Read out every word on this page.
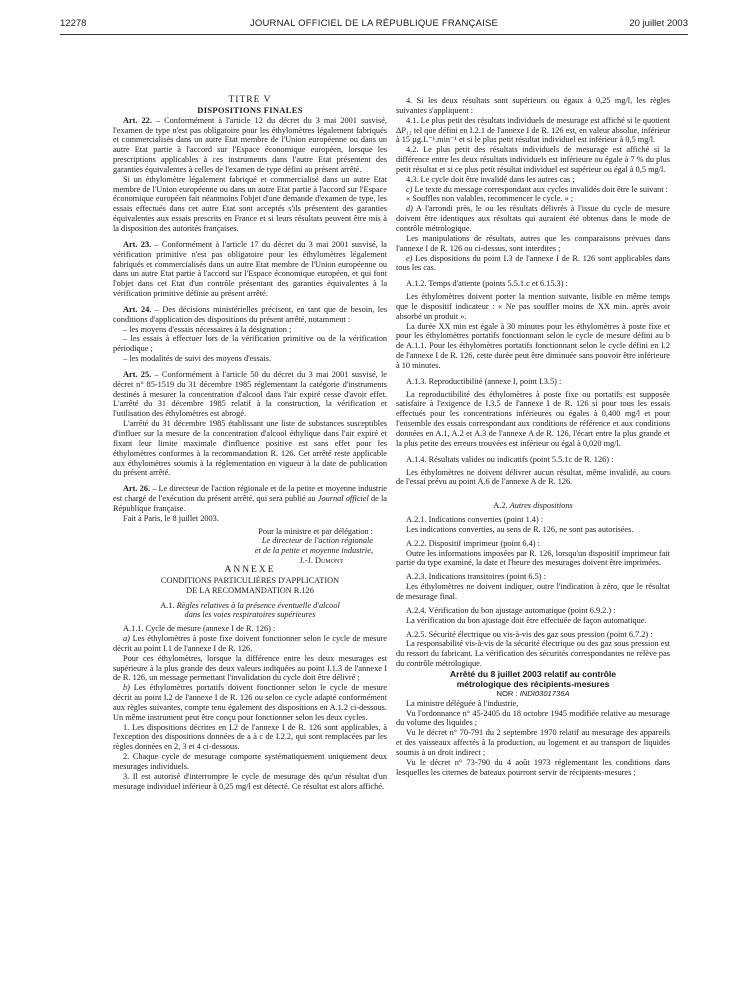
12278	JOURNAL OFFICIEL DE LA RÉPUBLIQUE FRANÇAISE	20 juillet 2003

TITRE V

DISPOSITIONS FINALES

Art. 22. – Conformément à l'article 12 du décret du 3 mai 2001 susvisé, l'examen de type n'est pas obligatoire pour les éthylomètres légalement fabriqués et commercialisés dans un autre Etat membre de l'Union européenne ou dans un autre Etat partie à l'accord sur l'Espace économique européen, lorsque les prescriptions applicables à ces instruments dans l'autre Etat présentent des garanties équivalentes à celles de l'examen de type défini au présent arrêté.

Si un éthylomètre légalement fabriqué et commercialisé dans un autre Etat membre de l'Union européenne ou dans un autre Etat partie à l'accord sur l'Espace économique européen fait néanmoins l'objet d'une demande d'examen de type, les essais effectués dans cet autre Etat sont acceptés s'ils présentent des garanties équivalentes aux essais prescrits en France et si leurs résultats peuvent être mis à la disposition des autorités françaises.

Art. 23. – Conformément à l'article 17 du décret du 3 mai 2001 susvisé, la vérification primitive n'est pas obligatoire pour les éthylomètres légalement fabriqués et commercialisés dans un autre Etat membre de l'Union européenne ou dans un autre Etat partie à l'accord sur l'Espace économique européen, et qui font l'objet dans cet Etat d'un contrôle présentant des garanties équivalentes à la vérification primitive définie au présent arrêté.

Art. 24. – Des décisions ministérielles précisent, en tant que de besoin, les conditions d'application des dispositions du présent arrêté, notamment :

– les moyens d'essais nécessaires à la désignation ;

– les essais à effectuer lors de la vérification primitive ou de la vérification périodique ;

– les modalités de suivi des moyens d'essais.

Art. 25. – Conformément à l'article 50 du décret du 3 mai 2001 susvisé, le décret n° 85-1519 du 31 décembre 1985 réglementant la catégorie d'instruments destinés à mesurer la concentration d'alcool dans l'air expiré cesse d'avoir effet. L'arrêté du 31 décembre 1985 relatif à la construction, la vérification et l'utilisation des éthylomètres est abrogé.

L'arrêté du 31 décembre 1985 établissant une liste de substances susceptibles d'influer sur la mesure de la concentration d'alcool éthylique dans l'air expiré et fixant leur limite maximale d'influence positive est sans effet pour les éthylomètres conformes à la recommandation R. 126. Cet arrêté reste applicable aux éthylomètres soumis à la réglementation en vigueur à la date de publication du présent arrêté.

Art. 26. – Le directeur de l'action régionale et de la petite et moyenne industrie est chargé de l'exécution du présent arrêté, qui sera publié au Journal officiel de la République française.

Fait à Paris, le 8 juillet 2003.

Pour la ministre et par délégation :

Le directeur de l'action régionale

et de la petite et moyenne industrie,

J.-J. Dumont

ANNEXE

CONDITIONS PARTICULIÈRES D'APPLICATION

DE LA RECOMMANDATION R.126

A.1. Règles relatives à la présence éventuelle d'alcool

dans les voies respiratoires supérieures

A.1.1. Cycle de mesure (annexe I de R. 126) :

a) Les éthylomètres à poste fixe doivent fonctionner selon le cycle de mesure décrit au point I.1 de l'annexe I de R. 126.

Pour ces éthylomètres, lorsque la différence entre les deux mesurages est supérieure à la plus grande des deux valeurs indiquées au point I.1.3 de l'annexe I de R. 126, un message permettant l'invalidation du cycle doit être délivré ;

b) Les éthylomètres portatifs doivent fonctionner selon le cycle de mesure décrit au point I.2 de l'annexe I de R. 126 ou selon ce cycle adapté conformément aux règles suivantes, compte tenu également des dispositions en A.1.2 ci-dessous. Un même instrument peut être conçu pour fonctionner selon les deux cycles.

1. Les dispositions décrites en I.2 de l'annexe I de R. 126 sont applicables, à l'exception des dispositions données de a à c de I.2.2, qui sont remplacées par les règles données en 2, 3 et 4 ci-dessous.

2. Chaque cycle de mesurage comporte systématiquement uniquement deux mesurages individuels.

3. Il est autorisé d'interrompre le cycle de mesurage dès qu'un résultat d'un mesurage individuel inférieur à 0,25 mg/l est détecté. Ce résultat est alors affiché.

4. Si les deux résultats sont supérieurs ou égaux à 0,25 mg/l, les règles suivantes s'appliquent :

4.1. Le plus petit des résultats individuels de mesurage est affiché si le quotient ΔP₁₂ tel que défini en I.2.1 de l'annexe I de R. 126 est, en valeur absolue, inférieur à 15 µg.L⁻¹.min⁻¹ et si le plus petit résultat individuel est inférieur à 0,5 mg/l.

4.2. Le plus petit des résultats individuels de mesurage est affiché si la différence entre les deux résultats individuels est inférieure ou égale à 7 % du plus petit résultat et si ce plus petit résultat individuel est supérieur ou égal à 0,5 mg/l.

4.3. Le cycle doit être invalidé dans les autres cas ;

c) Le texte du message correspondant aux cycles invalidés doit être le suivant :

« Souffles non valables, recommencer le cycle. » ;

d) A l'arrondi près, le ou les résultats délivrés à l'issue du cycle de mesure doivent être identiques aux résultats qui auraient été obtenus dans le mode de contrôle métrologique.

Les manipulations de résultats, autres que les comparaisons prévues dans l'annexe I de R. 126 ou ci-dessus, sont interdites ;

e) Les dispositions du point I.3 de l'annexe I de R. 126 sont applicables dans tous les cas.

A.1.2. Temps d'attente (points 5.5.1.c et 6.15.3) :

Les éthylomètres doivent porter la mention suivante, lisible en même temps que le dispositif indicateur : « Ne pas souffler moins de XX min. après avoir absorbé un produit ».

La durée XX min est égale à 30 minutes pour les éthylomètres à poste fixe et pour les éthylomètres portatifs fonctionnant selon le cycle de mesure défini au b de A.1.1. Pour les éthylomètres portatifs fonctionnant selon le cycle défini en I.2 de l'annexe I de R. 126, cette durée peut être diminuée sans pouvoir être inférieure à 10 minutes.

A.1.3. Reproductibilité (annexe I, point I.3.5) :

La reproductibilité des éthylomètres à poste fixe ou portatifs est supposée satisfaire à l'exigence de I.3.5 de l'annexe I de R. 126 si pour tous les essais effectués pour les concentrations inférieures ou égales à 0,400 mg/l et pour l'ensemble des essais correspondant aux conditions de référence et aux conditions données en A.1, A.2 et A.3 de l'annexe A de R. 126, l'écart entre la plus grande et la plus petite des erreurs trouvées est inférieur ou égal à 0,020 mg/l.

A.1.4. Résultats valides ou indicatifs (point 5.5.1c de R. 126) :

Les éthylomètres ne doivent délivrer aucun résultat, même invalidé, au cours de l'essai prévu au point A.6 de l'annexe A de R. 126.

A.2. Autres dispositions

A.2.1. Indications converties (point 1.4) :

Les indications converties, au sens de R. 126, ne sont pas autorisées.

A.2.2. Dispositif imprimeur (point 6.4) :

Outre les informations imposées par R. 126, lorsqu'un dispositif imprimeur fait partie du type examiné, la date et l'heure des mesurages doivent être imprimées.

A.2.3. Indications transitoires (point 6.5) :

Les éthylomètres ne doivent indiquer, outre l'indication à zéro, que le résultat de mesurage final.

A.2.4. Vérification du bon ajustage automatique (point 6.9.2.) :

La vérification du bon ajustage doit être effectuée de façon automatique.

A.2.5. Sécurité électrique ou vis-à-vis des gaz sous pression (point 6.7.2) :

La responsabilité vis-à-vis de la sécurité électrique ou des gaz sous pression est du ressort du fabricant. La vérification des sécurités correspondantes ne relève pas du contrôle métrologique.

Arrêté du 8 juillet 2003 relatif au contrôle

métrologique des récipients-mesures

NOR : INDI0301736A

La ministre déléguée à l'industrie,

Vu l'ordonnance n° 45-2405 du 18 octobre 1945 modifiée relative au mesurage du volume des liquides ;

Vu le décret n° 70-791 du 2 septembre 1970 relatif au mesurage des appareils et des vaisseaux affectés à la production, au logement et au transport de liquides soumis à un droit indirect ;

Vu le décret n° 73-790 du 4 août 1973 réglementant les conditions dans lesquelles les citernes de bateaux pourront servir de récipients-mesures ;
